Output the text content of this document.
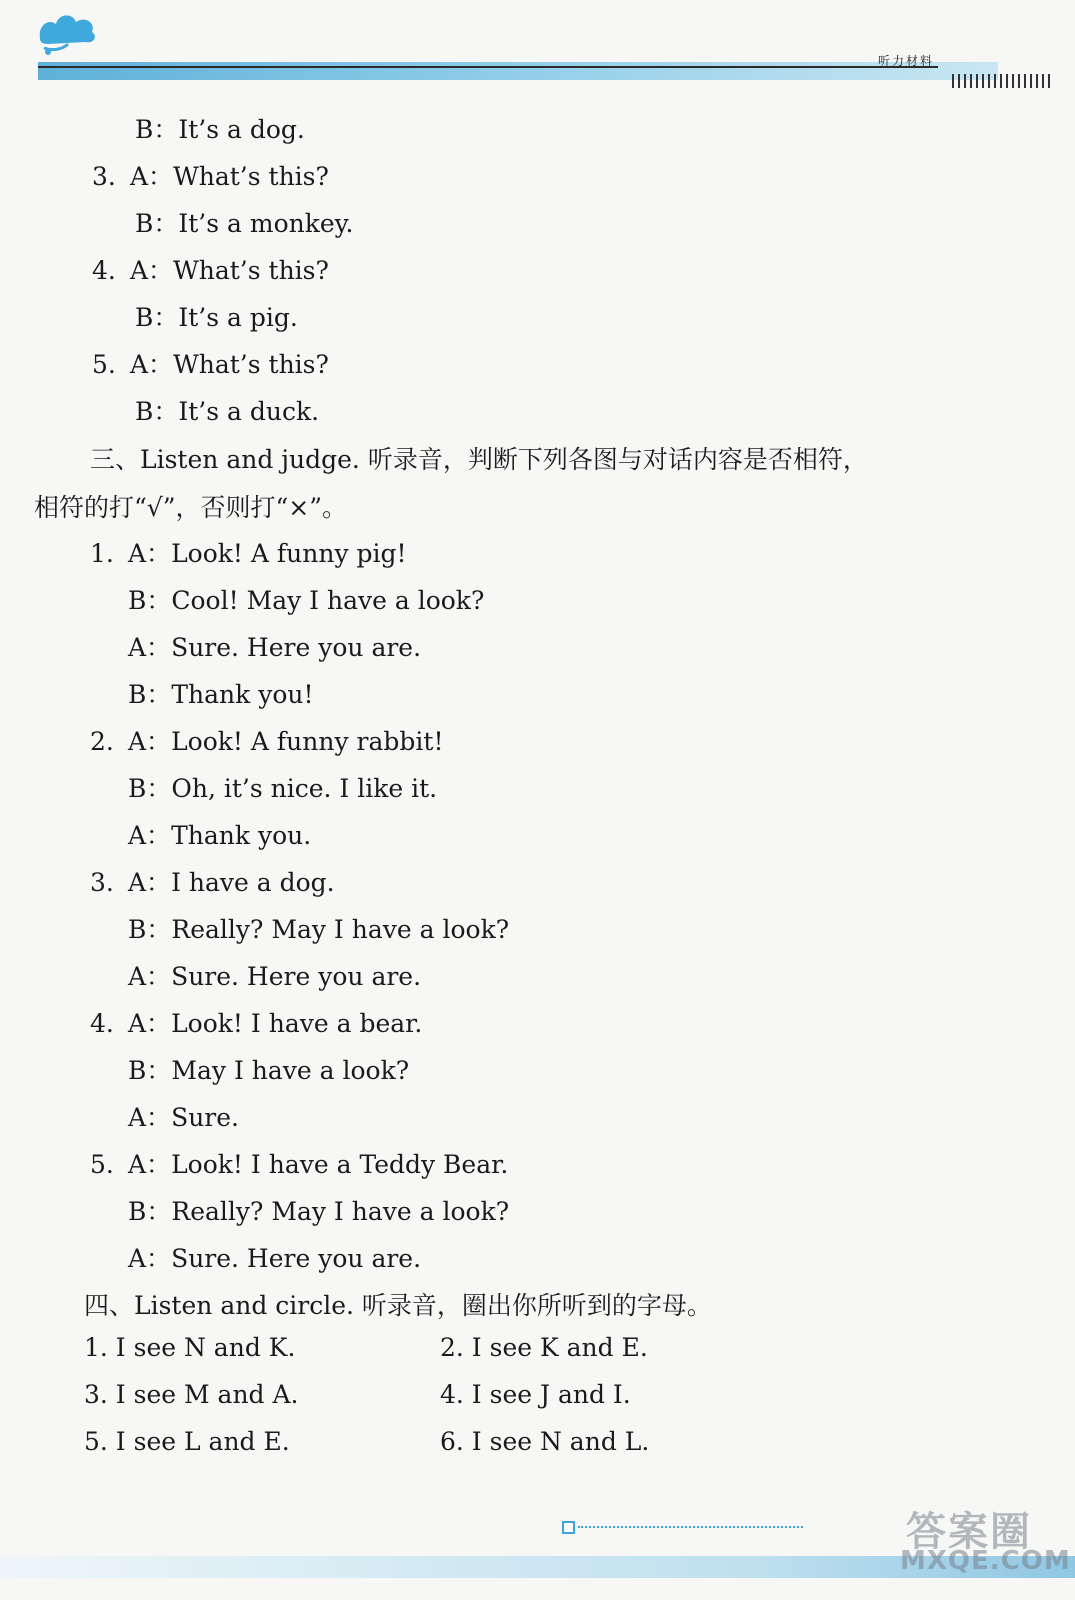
听力材料
B：It’s a dog.
3. A：What’s this?
B：It’s a monkey.
4. A：What’s this?
B：It’s a pig.
5. A：What’s this?
B：It’s a duck.
三、Listen and judge. 听录音，判断下列各图与对话内容是否相符，
相符的打“√”，否则打“×”。
1. A：Look! A funny pig!
B：Cool! May I have a look?
A：Sure. Here you are.
B：Thank you!
2. A：Look! A funny rabbit!
B：Oh, it’s nice. I like it.
A：Thank you.
3. A：I have a dog.
B：Really? May I have a look?
A：Sure. Here you are.
4. A：Look! I have a bear.
B：May I have a look?
A：Sure.
5. A：Look! I have a Teddy Bear.
B：Really? May I have a look?
A：Sure. Here you are.
四、Listen and circle. 听录音，圈出你所听到的字母。
1. I see N and K.	2. I see K and E.
3. I see M and A.	4. I see J and I.
5. I see L and E.	6. I see N and L.
答案圈
MXQE.COM
